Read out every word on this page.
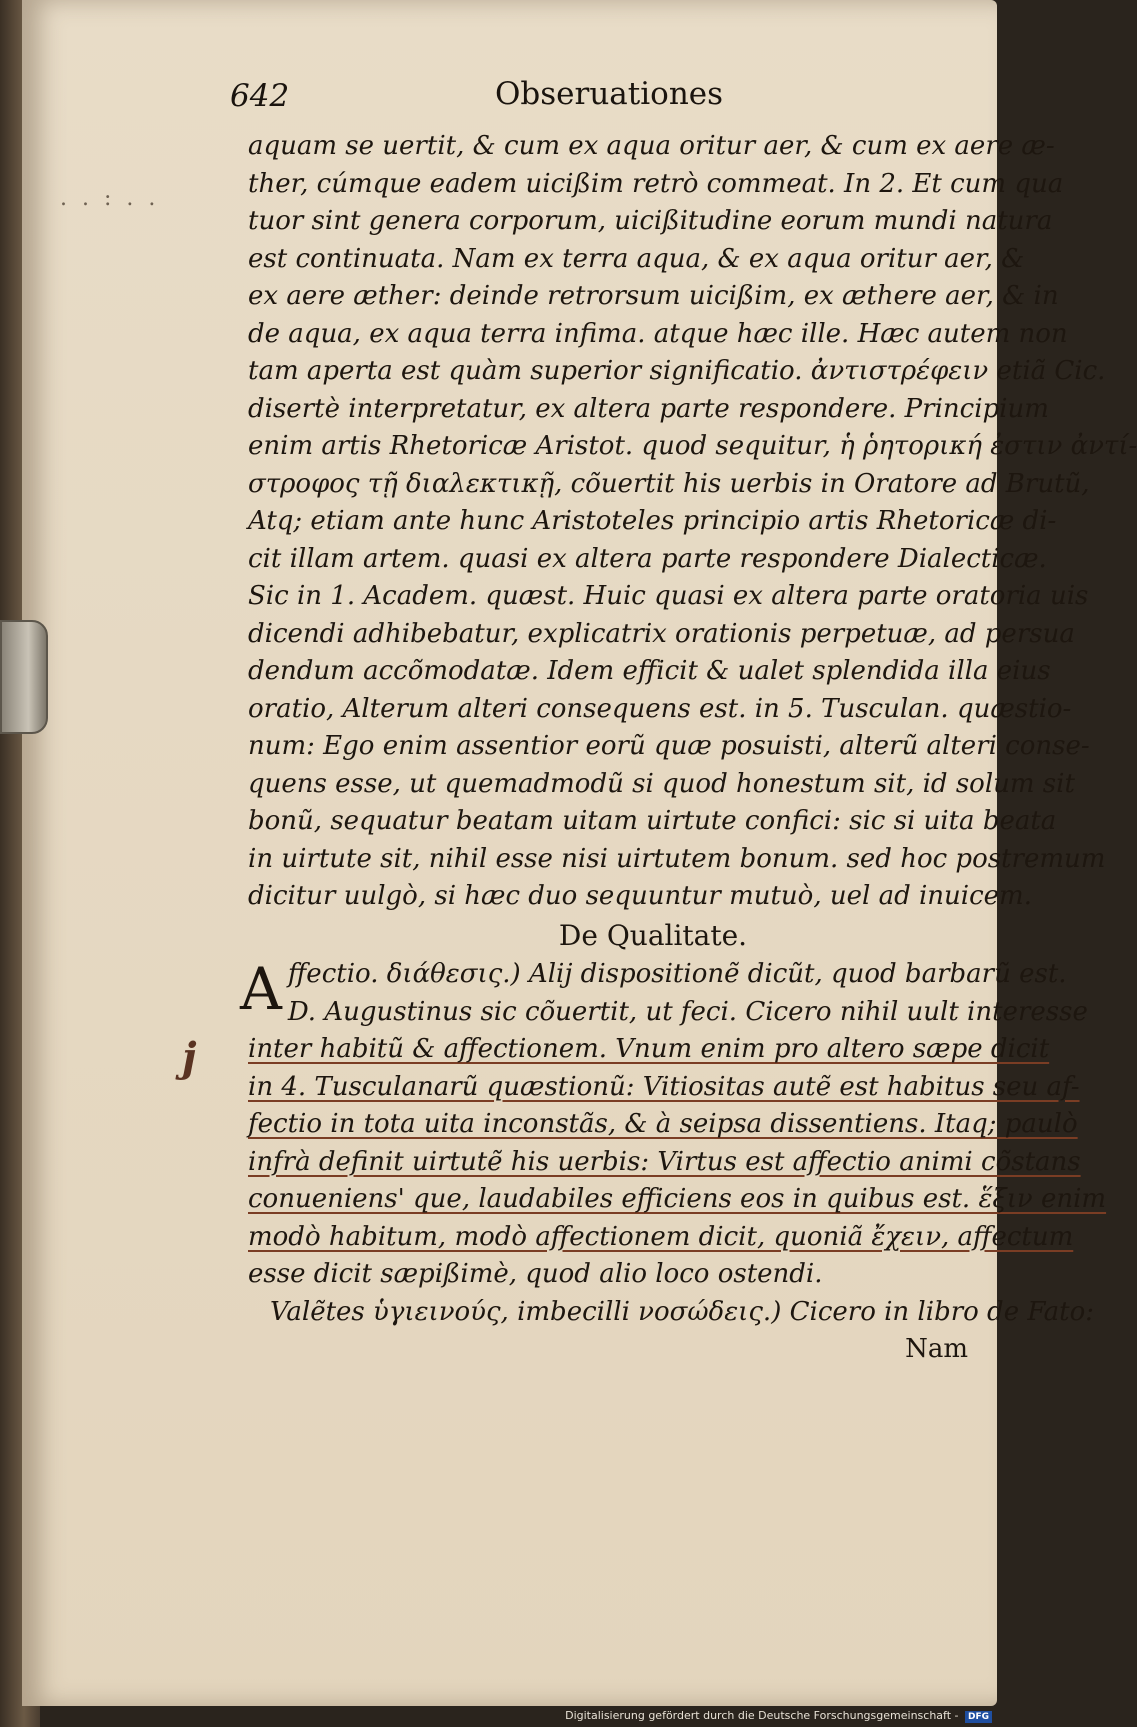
. . : . .
642	Obseruationes
aquam se uertit, & cum ex aqua oritur aer, & cum ex aere æ-
ther, cúmque eadem uicißim retrò commeat. In 2. Et cum qua
tuor sint genera corporum, uicißitudine eorum mundi natura
est continuata. Nam ex terra aqua, & ex aqua oritur aer, &
ex aere æther: deinde retrorsum uicißim, ex æthere aer, & in
de aqua, ex aqua terra infima. atque hæc ille. Hæc autem non
tam aperta est quàm superior significatio. ἀντιστρέφειν etiã Cic.
disertè interpretatur, ex altera parte respondere. Principium
enim artis Rhetoricæ Aristot. quod sequitur, ἡ ῥητορική ἐστιν ἀντί-
στροφος τῇ διαλεκτικῇ, cõuertit his uerbis in Oratore ad Brutũ,
Atq; etiam ante hunc Aristoteles principio artis Rhetoricæ di-
cit illam artem. quasi ex altera parte respondere Dialecticæ.
Sic in 1. Academ. quæst. Huic quasi ex altera parte oratoria uis
dicendi adhibebatur, explicatrix orationis perpetuæ, ad persua
dendum accõmodatæ. Idem efficit & ualet splendida illa eius
oratio, Alterum alteri consequens est. in 5. Tusculan. quæstio-
num: Ego enim assentior eorũ quæ posuisti, alterũ alteri conse-
quens esse, ut quemadmodũ si quod honestum sit, id solum sit
bonũ, sequatur beatam uitam uirtute confici: sic si uita beata
in uirtute sit, nihil esse nisi uirtutem bonum. sed hoc postremum
dicitur uulgò, si hæc duo sequuntur mutuò, uel ad inuicem.
De Qualitate.
A ffectio. διάθεσις.) Alij dispositionẽ dicũt, quod barbarũ est.
D. Augustinus sic cõuertit, ut feci. Cicero nihil uult interesse
inter habitũ & affectionem. Vnum enim pro altero sæpe dicit
in 4. Tusculanarũ quæstionũ: Vitiositas autẽ est habitus seu af-
fectio in tota uita inconstãs, & à seipsa dissentiens. Itaq; paulò
infrà definit uirtutẽ his uerbis: Virtus est affectio animi cõstans
conueniens' que, laudabiles efficiens eos in quibus est. ἕξιν enim
modò habitum, modò affectionem dicit, quoniã ἔχειν, affectum
esse dicit sæpißimè, quod alio loco ostendi.
Valẽtes ὑγιεινούς, imbecilli νοσώδεις.) Cicero in libro de Fato:
Nam
j
Digitalisierung gefördert durch die Deutsche Forschungsgemeinschaft - DFG
